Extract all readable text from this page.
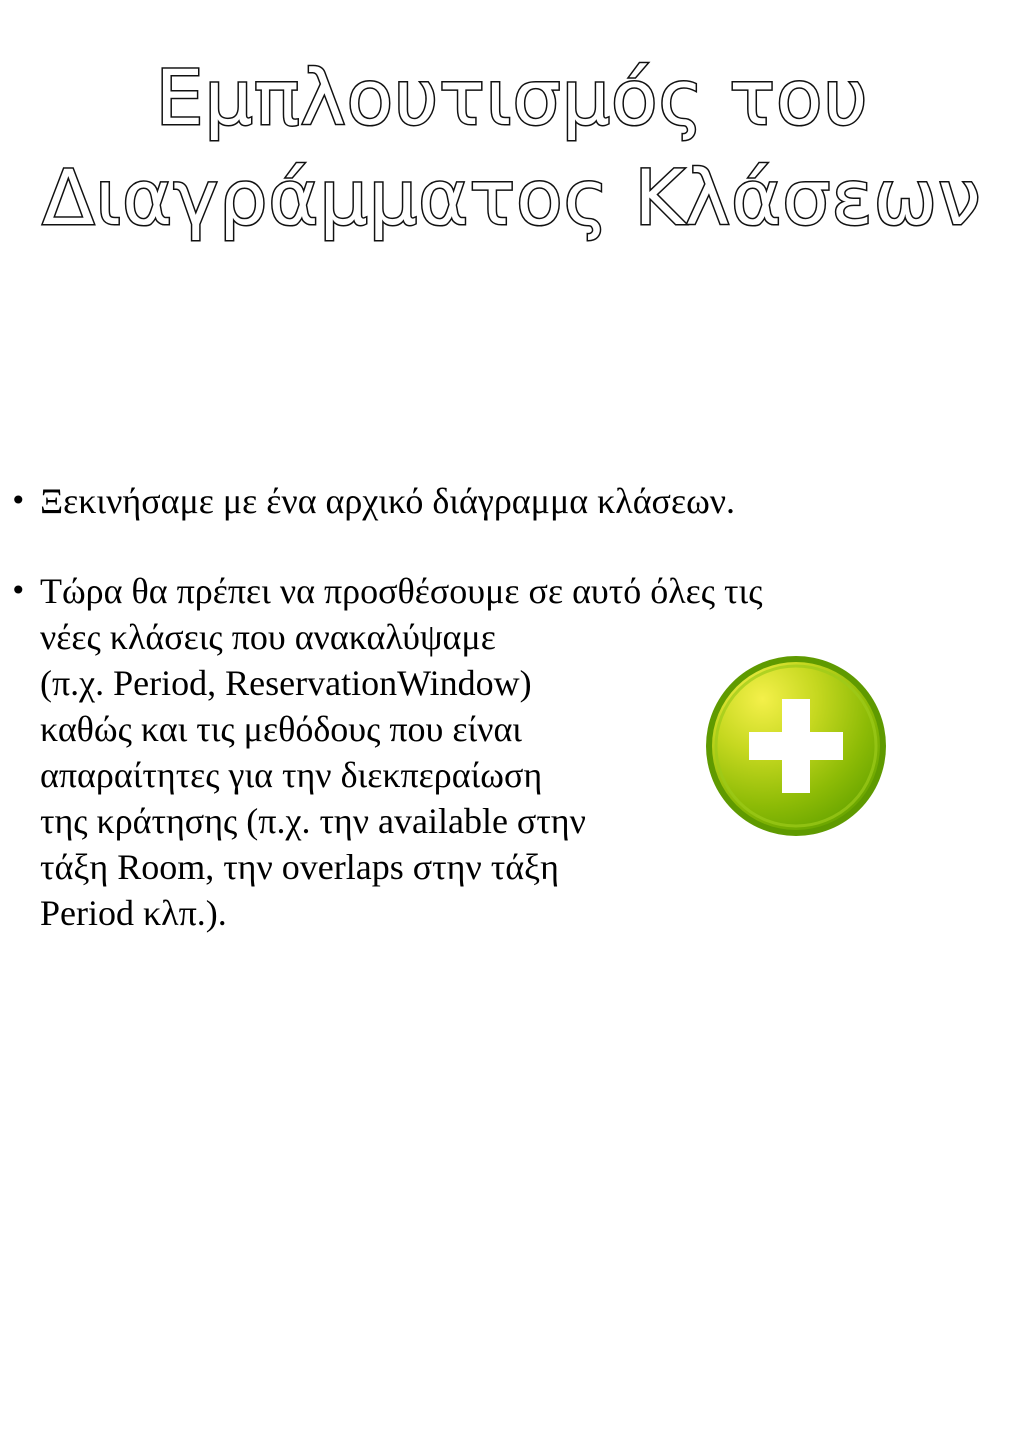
Εμπλουτισμός του
Διαγράμματος Κλάσεων
• Ξεκινήσαμε με ένα αρχικό διάγραμμα κλάσεων.
• Τώρα θα πρέπει να προσθέσουμε σε αυτό όλες τις
νέες κλάσεις που ανακαλύψαμε
(π.χ. Period, ReservationWindow)
καθώς και τις μεθόδους που είναι
απαραίτητες για την διεκπεραίωση
της κράτησης (π.χ. την available στην
τάξη Room, την overlaps στην τάξη
Period κλπ.).
